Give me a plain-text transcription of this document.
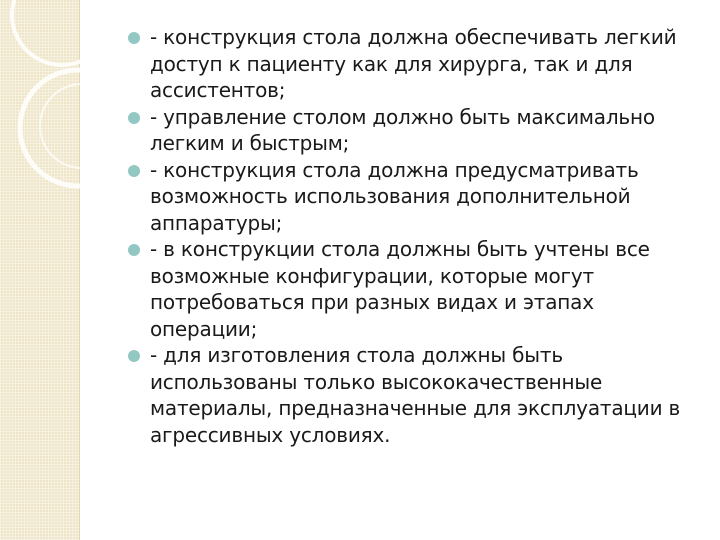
- конструкция стола должна обеспечивать легкий доступ к пациенту как для хирурга, так и для ассистентов;
- управление столом должно быть максимально легким и быстрым;
- конструкция стола должна предусматривать возможность использования дополнительной аппаратуры;
- в конструкции стола должны быть учтены все возможные конфигурации, которые могут потребоваться при разных видах и этапах операции;
- для изготовления стола должны быть использованы только высококачественные материалы, предназначенные для эксплуатации в агрессивных условиях.
